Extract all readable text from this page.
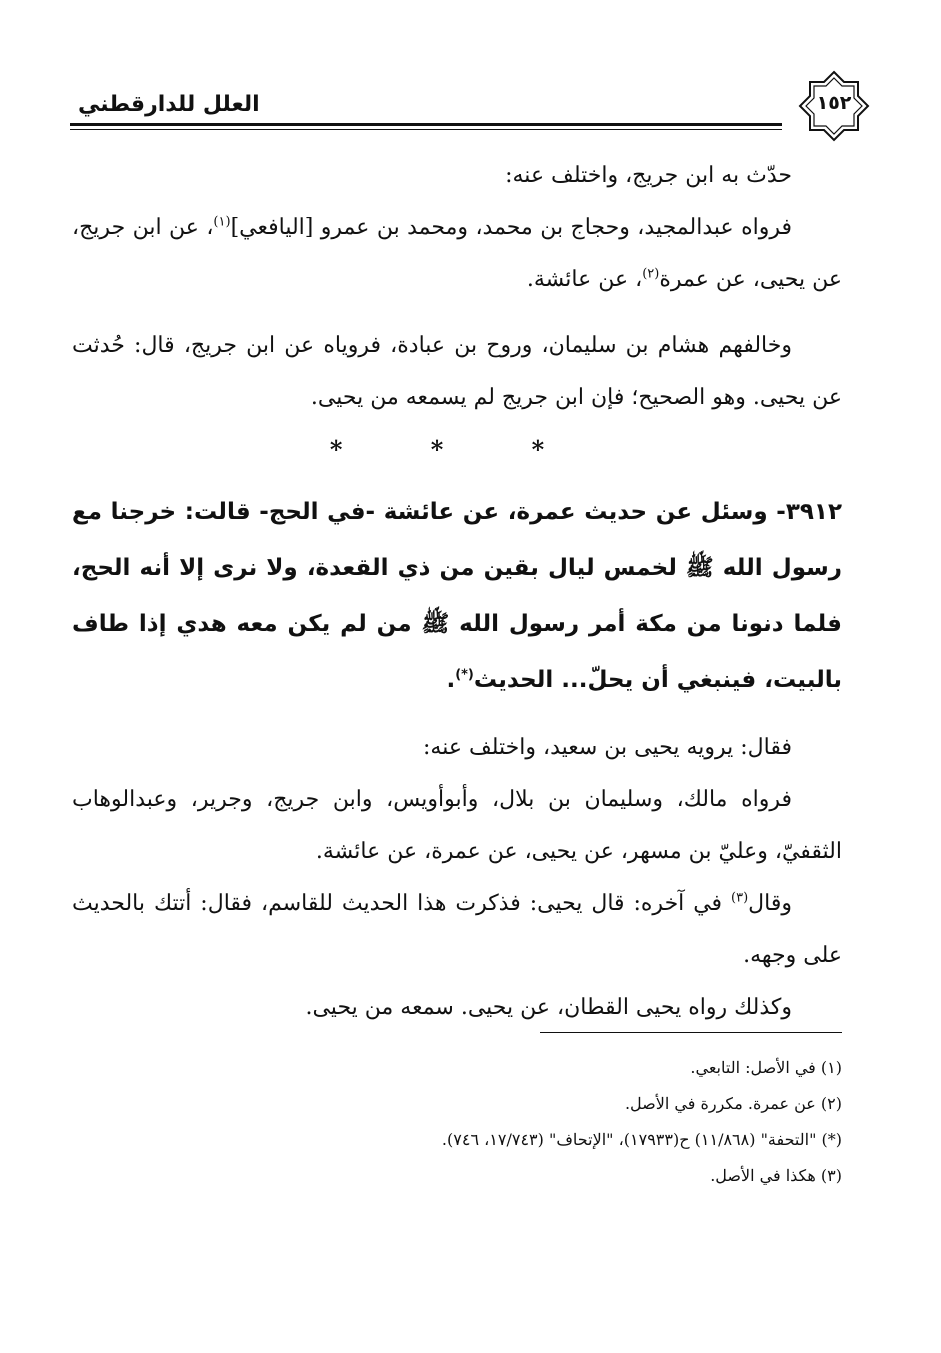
العلل للدارقطني	١٥٢

حدّث به ابن جريج، واختلف عنه:

فرواه عبدالمجيد، وحجاج بن محمد، ومحمد بن عمرو [اليافعي]$^{(١)}$، عن ابن جريج، عن يحيى، عن عمرة$^{(٢)}$، عن عائشة.

وخالفهم هشام بن سليمان، وروح بن عبادة، فروياه عن ابن جريج، قال: حُدثت عن يحيى. وهو الصحيح؛ فإن ابن جريج لم يسمعه من يحيى.

* * *

٣٩١٢- وسئل عن حديث عمرة، عن عائشة -في الحج- قالت: خرجنا مع رسول الله ﷺ لخمس ليال بقين من ذي القعدة، ولا نرى إلا أنه الحج، فلما دنونا من مكة أمر رسول الله ﷺ من لم يكن معه هدي إذا طاف بالبيت، فينبغي أن يحلّ... الحديث(*).

فقال: يرويه يحيى بن سعيد، واختلف عنه:

فرواه مالك، وسليمان بن بلال، وأبوأويس، وابن جريج، وجرير، وعبدالوهاب الثقفيّ، وعليّ بن مسهر، عن يحيى، عن عمرة، عن عائشة.

وقال$^{(٣)}$ في آخره: قال يحيى: فذكرت هذا الحديث للقاسم، فقال: أتتك بالحديث على وجهه.

وكذلك رواه يحيى القطان، عن يحيى. سمعه من يحيى.

(١) في الأصل: التابعي.

(٢) عن عمرة. مكررة في الأصل.

(*) "التحفة" (١١/٨٦٨) ح(١٧٩٣٣)، "الإتحاف" (١٧/٧٤٣، ٧٤٦).

(٣) هكذا في الأصل.
